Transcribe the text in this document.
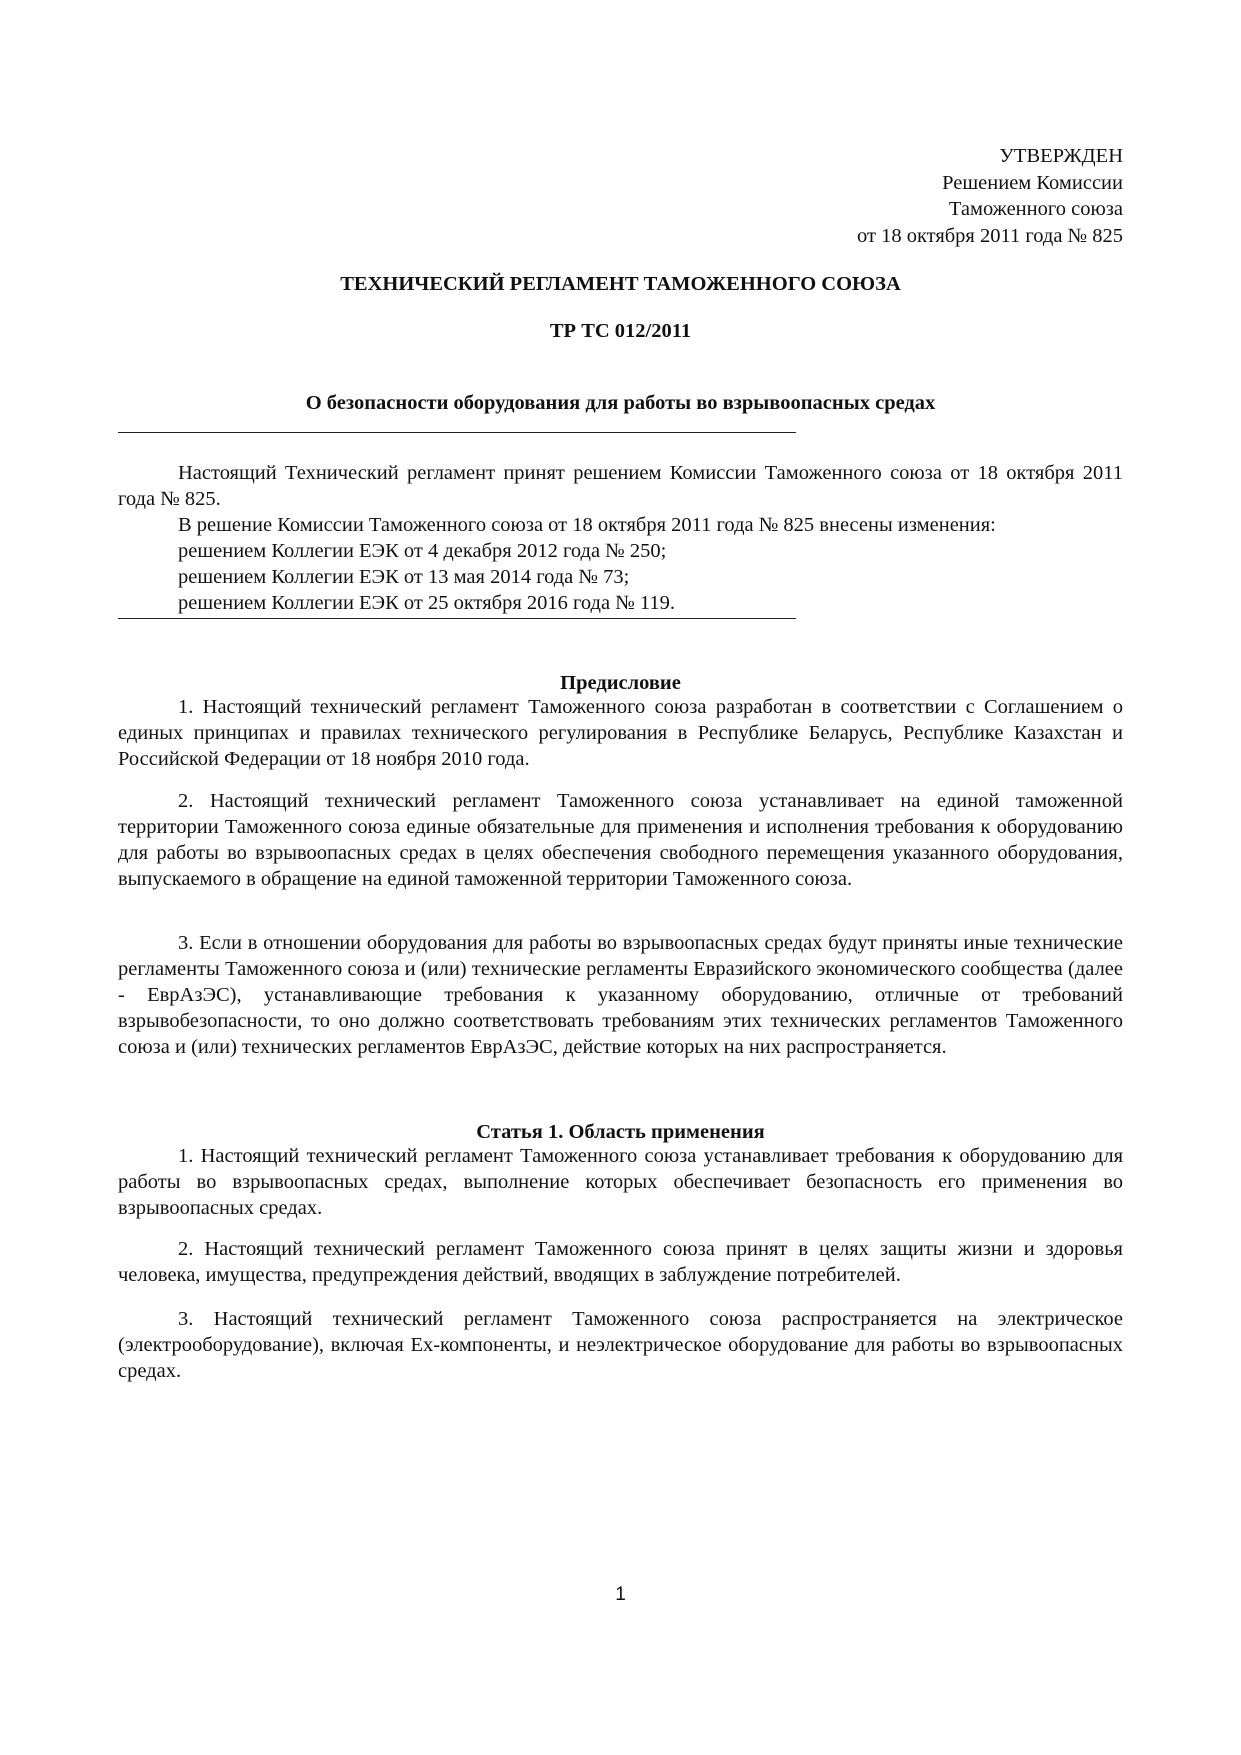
УТВЕРЖДЕН
Решением Комиссии
Таможенного союза
от 18 октября 2011 года № 825
ТЕХНИЧЕСКИЙ РЕГЛАМЕНТ ТАМОЖЕННОГО СОЮЗА
ТР ТС 012/2011
О безопасности оборудования для работы во взрывоопасных средах

Настоящий Технический регламент принят решением Комиссии Таможенного союза от 18 октября 2011 года № 825.

В решение Комиссии Таможенного союза от 18 октября 2011 года № 825 внесены изменения:
решением Коллегии ЕЭК от 4 декабря 2012 года № 250;
решением Коллегии ЕЭК от 13 мая 2014 года № 73;
решением Коллегии ЕЭК от 25 октября 2016 года № 119.
Предисловие

1. Настоящий технический регламент Таможенного союза разработан в соответствии с Соглашением о единых принципах и правилах технического регулирования в Республике Беларусь, Республике Казахстан и Российской Федерации от 18 ноября 2010 года.

2. Настоящий технический регламент Таможенного союза устанавливает на единой таможенной территории Таможенного союза единые обязательные для применения и исполнения требования к оборудованию для работы во взрывоопасных средах в целях обеспечения свободного перемещения указанного оборудования, выпускаемого в обращение на единой таможенной территории Таможенного союза.

3. Если в отношении оборудования для работы во взрывоопасных средах будут приняты иные технические регламенты Таможенного союза и (или) технические регламенты Евразийского экономического сообщества (далее - ЕврАзЭС), устанавливающие требования к указанному оборудованию, отличные от требований взрывобезопасности, то оно должно соответствовать требованиям этих технических регламентов Таможенного союза и (или) технических регламентов ЕврАзЭС, действие которых на них распространяется.

Статья 1. Область применения

1. Настоящий технический регламент Таможенного союза устанавливает требования к оборудованию для работы во взрывоопасных средах, выполнение которых обеспечивает безопасность его применения во взрывоопасных средах.

2. Настоящий технический регламент Таможенного союза принят в целях защиты жизни и здоровья человека, имущества, предупреждения действий, вводящих в заблуждение потребителей.

3. Настоящий технический регламент Таможенного союза распространяется на электрическое (электрооборудование), включая Ex-компоненты, и неэлектрическое оборудование для работы во взрывоопасных средах.

1
